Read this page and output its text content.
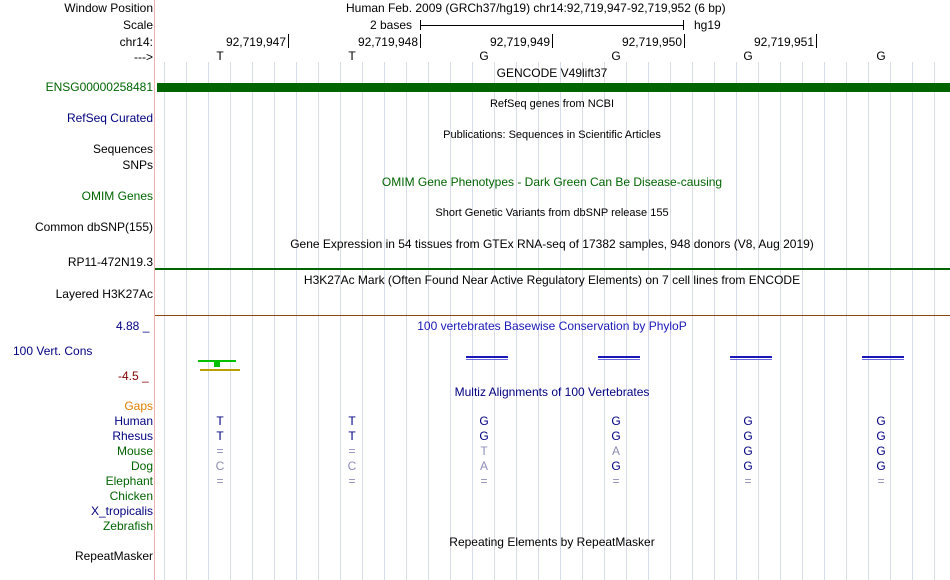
Window Position	Human Feb. 2009 (GRCh37/hg19) chr14:92,719,947-92,719,952 (6 bp)
Scale	2 bases	hg19
chr14:
--->
92,719,947	92,719,948	92,719,949	92,719,950	92,719,951
T	T	G	G	G	G
GENCODE V49lift37
ENSG00000258481
RefSeq genes from NCBI
RefSeq Curated
Publications: Sequences in Scientific Articles
Sequences
SNPs
OMIM Gene Phenotypes - Dark Green Can Be Disease-causing
OMIM Genes
Short Genetic Variants from dbSNP release 155
Common dbSNP(155)
Gene Expression in 54 tissues from GTEx RNA-seq of 17382 samples, 948 donors (V8, Aug 2019)
RP11-472N19.3
H3K27Ac Mark (Often Found Near Active Regulatory Elements) on 7 cell lines from ENCODE
Layered H3K27Ac
100 vertebrates Basewise Conservation by PhyloP
4.88 _
100 Vert. Cons
-4.5 _
Multiz Alignments of 100 Vertebrates
Gaps
Human	T	T	G	G	G	G
Rhesus	T	T	G	G	G	G
Mouse	=	=	T	A	G	G
Dog	C	C	A	G	G	G
Elephant	=	=	=	=	=	=
Chicken
X_tropicalis
Zebrafish
Repeating Elements by RepeatMasker
RepeatMasker
